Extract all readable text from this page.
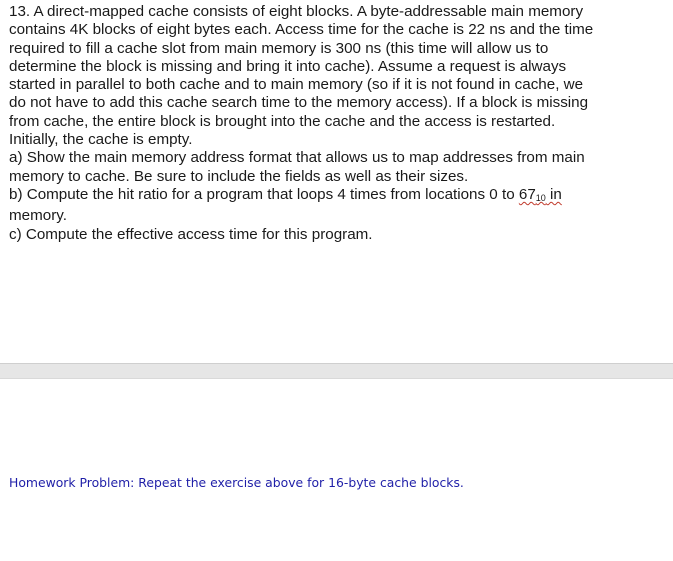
13. A direct-mapped cache consists of eight blocks. A byte-addressable main memory
contains 4K blocks of eight bytes each. Access time for the cache is 22 ns and the time
required to fill a cache slot from main memory is 300 ns (this time will allow us to
determine the block is missing and bring it into cache). Assume a request is always
started in parallel to both cache and to main memory (so if it is not found in cache, we
do not have to add this cache search time to the memory access). If a block is missing
from cache, the entire block is brought into the cache and the access is restarted.
Initially, the cache is empty.
a) Show the main memory address format that allows us to map addresses from main
memory to cache. Be sure to include the fields as well as their sizes.
b) Compute the hit ratio for a program that loops 4 times from locations 0 to $67_{10}$ in
memory.
c) Compute the effective access time for this program.
Homework Problem: Repeat the exercise above for 16-byte cache blocks.
